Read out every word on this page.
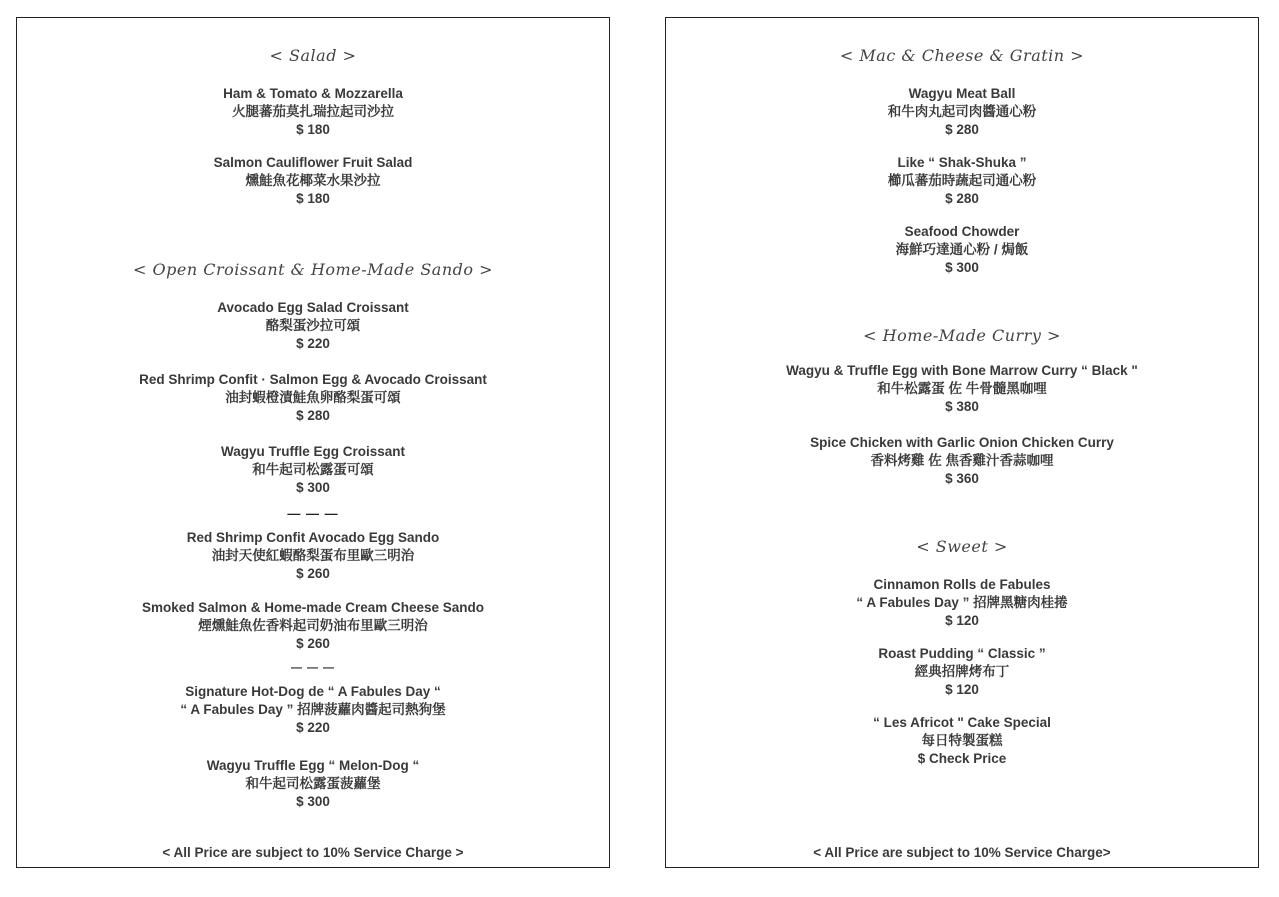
< Salad >
Ham & Tomato & Mozzarella
火腿蕃茄莫扎瑞拉起司沙拉
$ 180
Salmon Cauliflower Fruit Salad
燻鮭魚花椰菜水果沙拉
$ 180
< Open Croissant & Home-Made Sando >
Avocado Egg Salad Croissant
酪梨蛋沙拉可頌
$ 220
Red Shrimp Confit · Salmon Egg & Avocado Croissant
油封蝦橙漬鮭魚卵酪梨蛋可頌
$ 280
Wagyu Truffle Egg Croissant
和牛起司松露蛋可頌
$ 300
— — —
Red Shrimp Confit Avocado Egg Sando
油封天使紅蝦酪梨蛋布里歐三明治
$ 260
Smoked Salmon & Home-made Cream Cheese Sando
煙燻鮭魚佐香料起司奶油布里歐三明治
$ 260
— — —
Signature Hot-Dog de “ A Fabules Day “
“ A Fabules Day ” 招牌菠蘿肉醬起司熱狗堡
$ 220
Wagyu Truffle Egg “ Melon-Dog “
和牛起司松露蛋菠蘿堡
$ 300
< All Price are subject to 10% Service Charge >
< Mac & Cheese & Gratin >
Wagyu Meat Ball
和牛肉丸起司肉醬通心粉
$ 280
Like “ Shak-Shuka ”
櫛瓜蕃茄時蔬起司通心粉
$ 280
Seafood Chowder
海鮮巧達通心粉 / 焗飯
$ 300
< Home-Made Curry >
Wagyu & Truffle Egg with Bone Marrow Curry “ Black "
和牛松露蛋 佐 牛骨髓黑咖哩
$ 380
Spice Chicken with Garlic Onion Chicken Curry
香料烤雞 佐 焦香雞汁香蒜咖哩
$ 360
< Sweet >
Cinnamon Rolls de Fabules
“ A Fabules Day ” 招牌黑糖肉桂捲
$ 120
Roast Pudding “ Classic ”
經典招牌烤布丁
$ 120
“ Les Africot " Cake Special
每日特製蛋糕
$ Check Price
< All Price are subject to 10% Service Charge>
